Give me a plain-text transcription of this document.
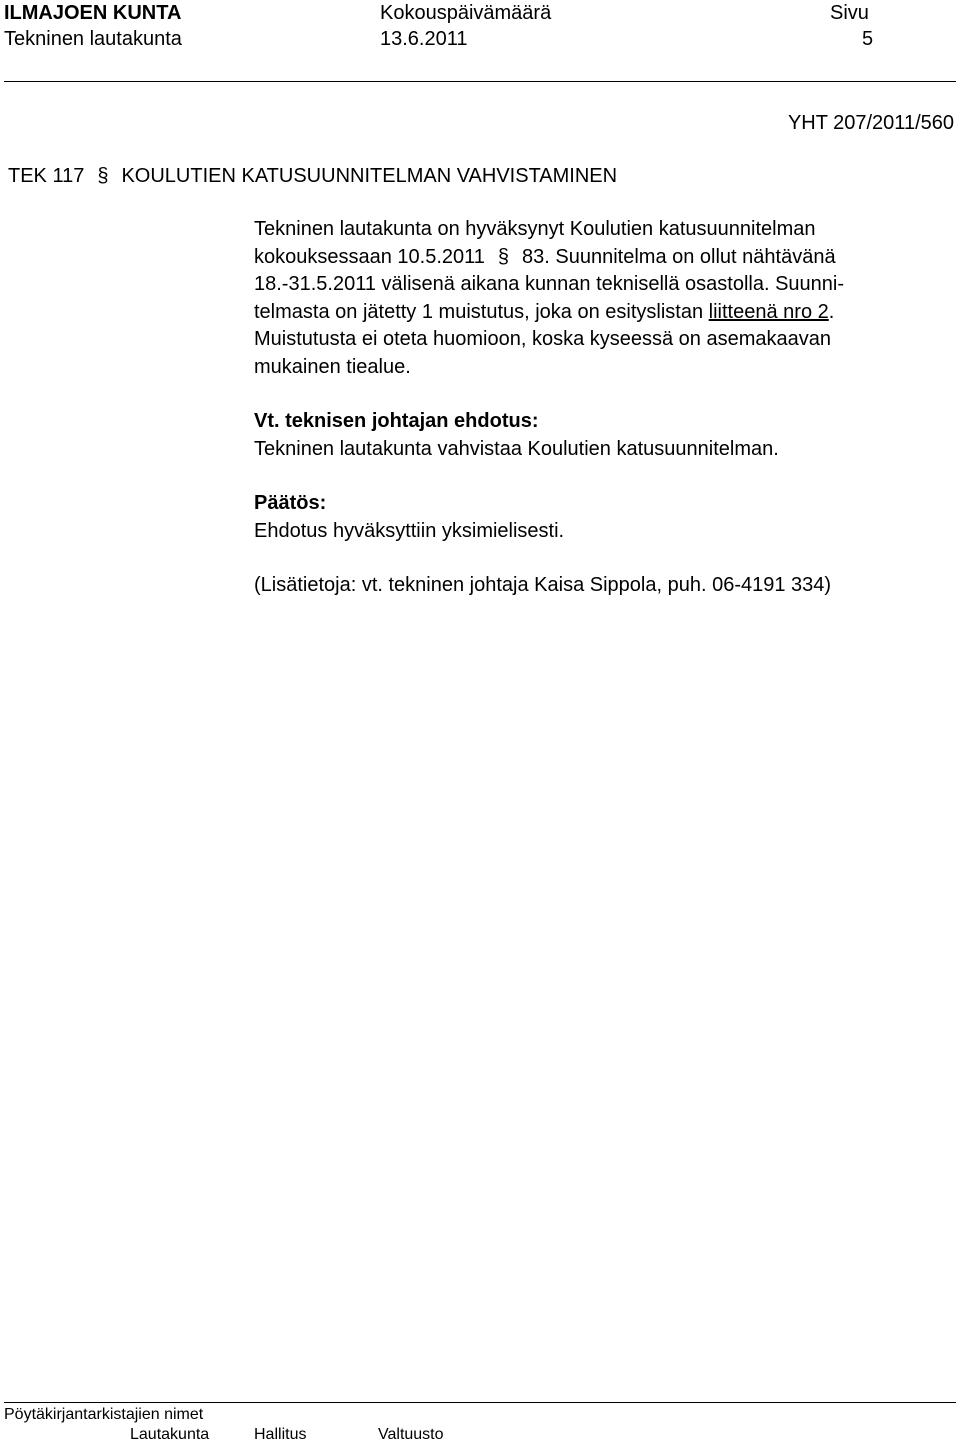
ILMAJOEN KUNTA	Kokouspäivämäärä	Sivu
Tekninen lautakunta	13.6.2011	5
YHT 207/2011/560
TEK 117 § KOULUTIEN KATUSUUNNITELMAN VAHVISTAMINEN
Tekninen lautakunta on hyväksynyt Koulutien katusuunnitelman
kokouksessaan 10.5.2011 § 83. Suunnitelma on ollut nähtävänä
18.-31.5.2011 välisenä aikana kunnan teknisellä osastolla. Suunni-
telmasta on jätetty 1 muistutus, joka on esityslistan liitteenä nro 2.
Muistutusta ei oteta huomioon, koska kyseessä on asemakaavan
mukainen tiealue.
Vt. teknisen johtajan ehdotus:
Tekninen lautakunta vahvistaa Koulutien katusuunnitelman.
Päätös:
Ehdotus hyväksyttiin yksimielisesti.
(Lisätietoja: vt. tekninen johtaja Kaisa Sippola, puh. 06-4191 334)
Pöytäkirjantarkistajien nimet
Lautakunta	Hallitus	Valtuusto
